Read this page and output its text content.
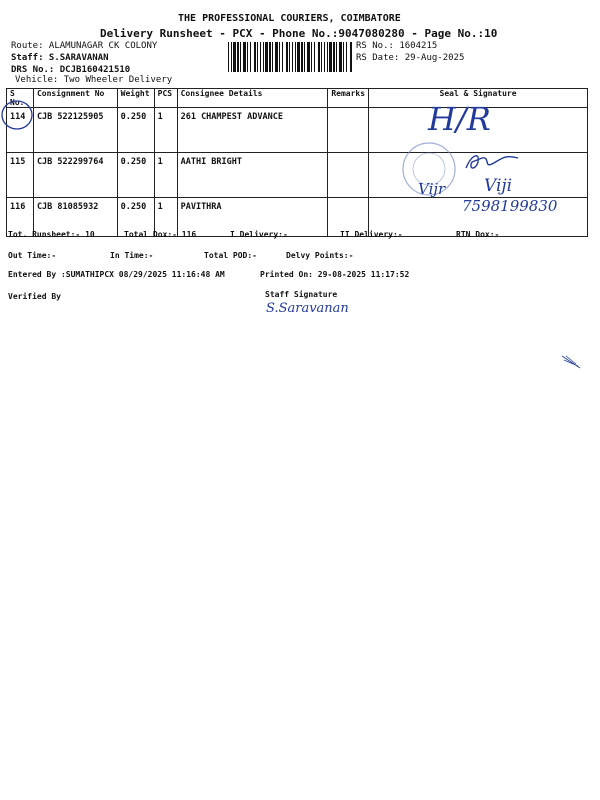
THE PROFESSIONAL COURIERS, COIMBATORE
Delivery Runsheet - PCX - Phone No.:9047080280 - Page No.:10
Route: ALAMUNAGAR CK COLONY
Staff: S.SARAVANAN
DRS No.: DCJB160421510
Vehicle: Two Wheeler Delivery
RS No.: 1604215
RS Date: 29-Aug-2025
S No.	Consignment No	Weight	PCS	Consignee Details	Remarks	Seal & Signature
114	CJB 522125905	0.250	1	261 CHAMPEST ADVANCE		
115	CJB 522299764	0.250	1	AATHI BRIGHT		
116	CJB 81085932	0.250	1	PAVITHRA		
H/R
Viji
Vijr
7598199830
Tot. Runsheet:- 10	Total Dox:- 116	I Delivery:-	II Delivery:-	RTN Dox:-
Out Time:-	In Time:-	Total POD:-	Delvy Points:-
Entered By :SUMATHIPCX 08/29/2025 11:16:48 AM	Printed On: 29-08-2025 11:17:52
Verified By	Staff Signature
S.Saravanan
